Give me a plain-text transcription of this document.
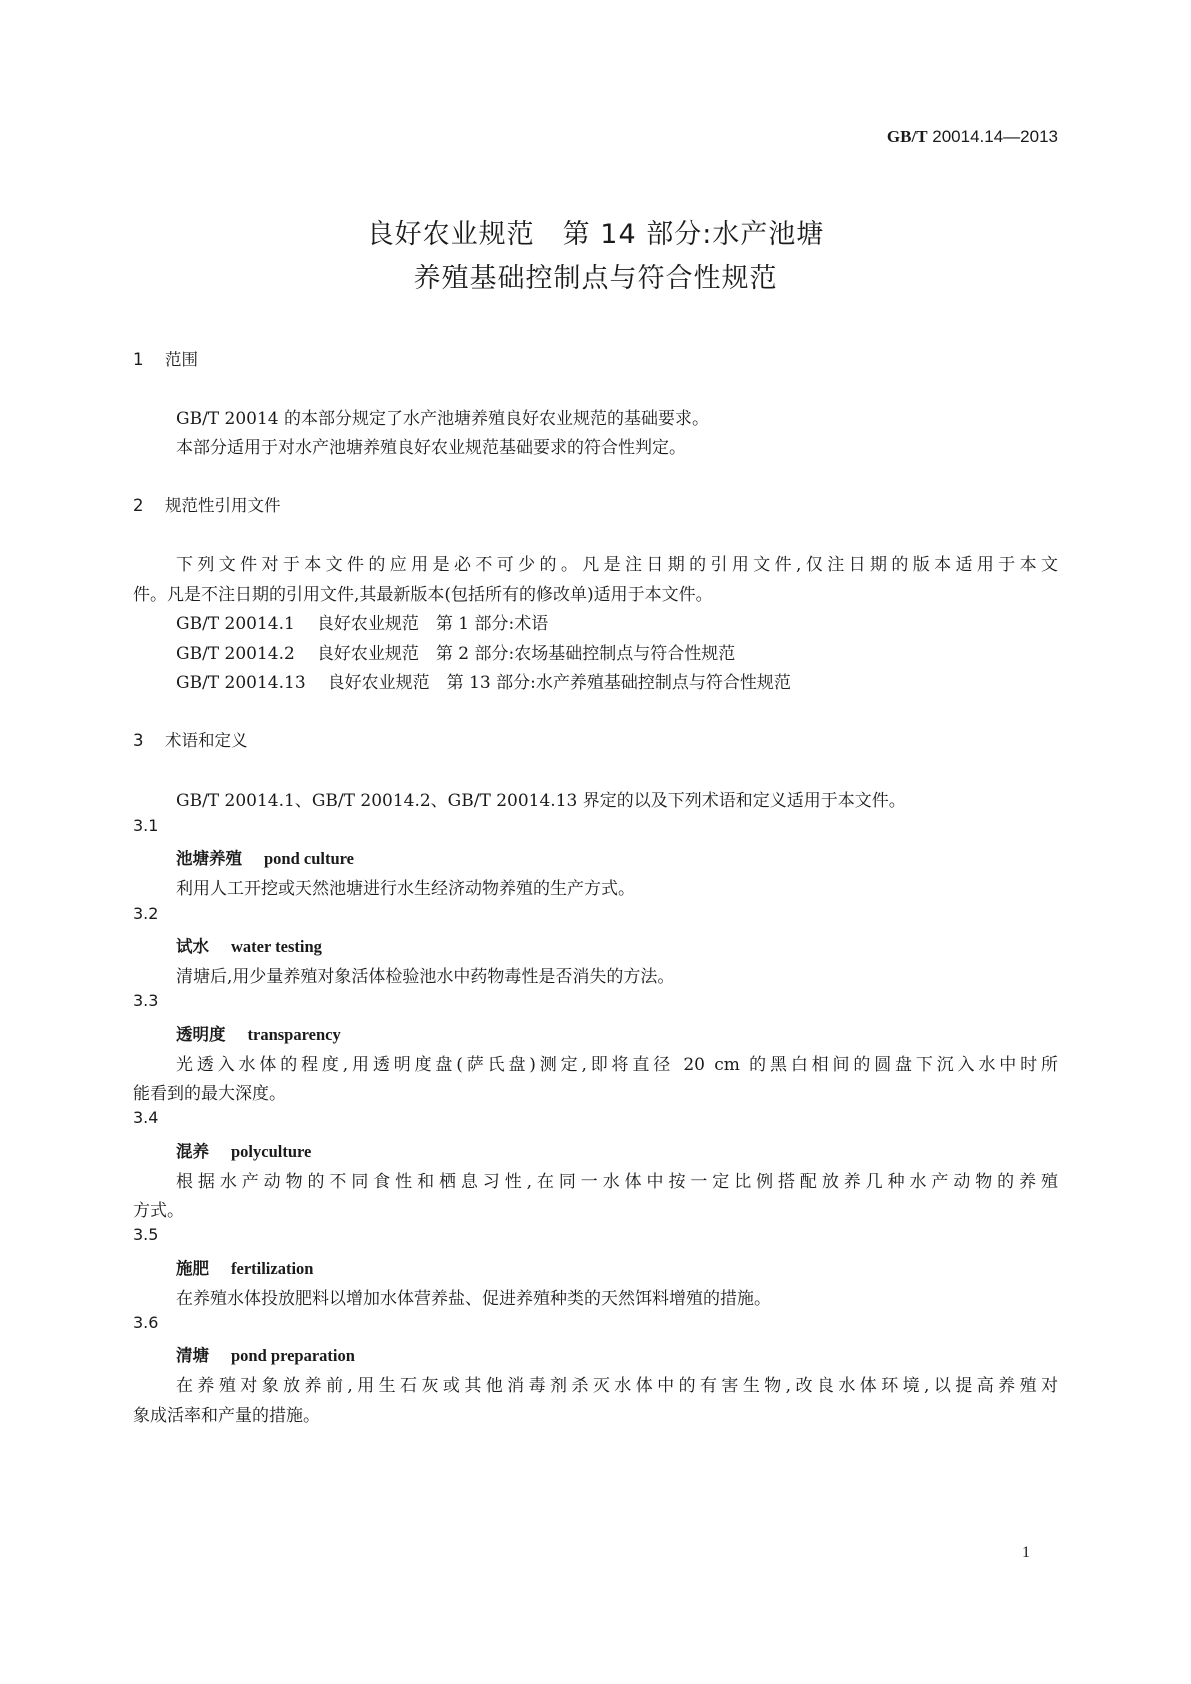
GB/T 20014.14—2013
良好农业规范　第 14 部分:水产池塘
养殖基础控制点与符合性规范
1 范围
GB/T 20014 的本部分规定了水产池塘养殖良好农业规范的基础要求。
本部分适用于对水产池塘养殖良好农业规范基础要求的符合性判定。
2 规范性引用文件
下列文件对于本文件的应用是必不可少的。凡是注日期的引用文件,仅注日期的版本适用于本文
件。凡是不注日期的引用文件,其最新版本(包括所有的修改单)适用于本文件。
GB/T 20014.1 良好农业规范　第 1 部分:术语
GB/T 20014.2 良好农业规范　第 2 部分:农场基础控制点与符合性规范
GB/T 20014.13 良好农业规范　第 13 部分:水产养殖基础控制点与符合性规范
3 术语和定义
GB/T 20014.1、GB/T 20014.2、GB/T 20014.13 界定的以及下列术语和定义适用于本文件。
3.1
池塘养殖 pond culture
利用人工开挖或天然池塘进行水生经济动物养殖的生产方式。
3.2
试水 water testing
清塘后,用少量养殖对象活体检验池水中药物毒性是否消失的方法。
3.3
透明度 transparency
光透入水体的程度,用透明度盘(萨氏盘)测定,即将直径 20 cm 的黑白相间的圆盘下沉入水中时所
能看到的最大深度。
3.4
混养 polyculture
根据水产动物的不同食性和栖息习性,在同一水体中按一定比例搭配放养几种水产动物的养殖
方式。
3.5
施肥 fertilization
在养殖水体投放肥料以增加水体营养盐、促进养殖种类的天然饵料增殖的措施。
3.6
清塘 pond preparation
在养殖对象放养前,用生石灰或其他消毒剂杀灭水体中的有害生物,改良水体环境,以提高养殖对
象成活率和产量的措施。
1
